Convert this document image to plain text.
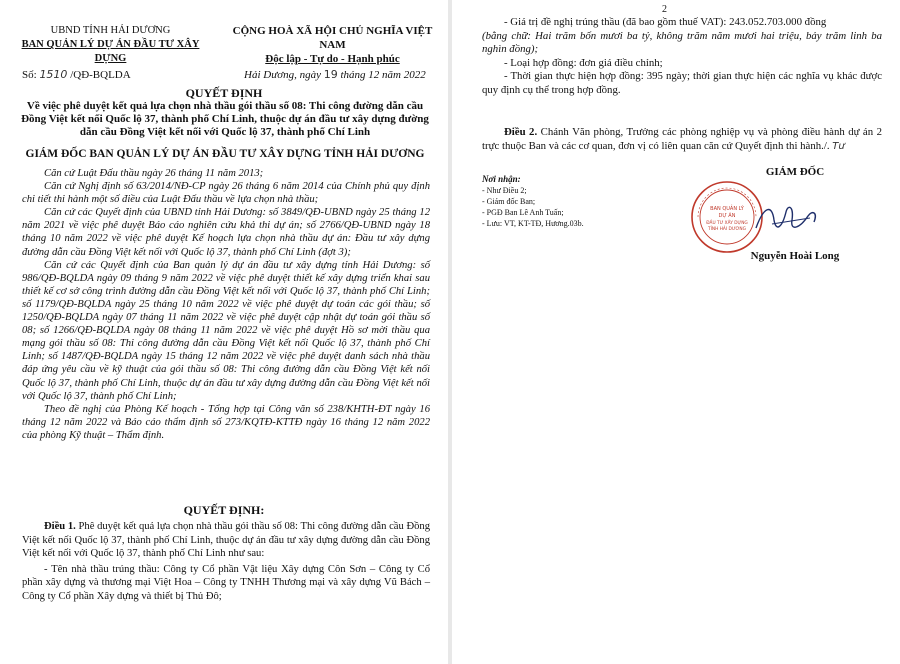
UBND TỈNH HẢI DƯƠNG
BAN QUẢN LÝ DỰ ÁN ĐẦU TƯ XÂY DỰNG
CỘNG HOÀ XÃ HỘI CHỦ NGHĨA VIỆT NAM
Độc lập - Tự do - Hạnh phúc
Số: 1510 /QĐ-BQLDA	Hải Dương, ngày 19 tháng 12 năm 2022
QUYẾT ĐỊNH
Về việc phê duyệt kết quả lựa chọn nhà thầu gói thầu số 08: Thi công đường dẫn cầu Đồng Việt kết nối Quốc lộ 37, thành phố Chí Linh, thuộc dự án đầu tư xây dựng đường dẫn cầu Đồng Việt kết nối với Quốc lộ 37, thành phố Chí Linh
GIÁM ĐỐC BAN QUẢN LÝ DỰ ÁN ĐẦU TƯ XÂY DỰNG TỈNH HẢI DƯƠNG

Căn cứ Luật Đấu thầu ngày 26 tháng 11 năm 2013;

Căn cứ Nghị định số 63/2014/NĐ-CP ngày 26 tháng 6 năm 2014 của Chính phủ quy định chi tiết thi hành một số điều của Luật Đấu thầu về lựa chọn nhà thầu;

Căn cứ các Quyết định của UBND tỉnh Hải Dương: số 3849/QĐ-UBND ngày 25 tháng 12 năm 2021 về việc phê duyệt Báo cáo nghiên cứu khả thi dự án; số 2766/QĐ-UBND ngày 18 tháng 10 năm 2022 về việc phê duyệt Kế hoạch lựa chọn nhà thầu dự án: Đầu tư xây dựng đường dẫn cầu Đồng Việt kết nối với Quốc lộ 37, thành phố Chí Linh (đợt 3);

Căn cứ các Quyết định của Ban quản lý dự án đầu tư xây dựng tỉnh Hải Dương: số 986/QĐ-BQLDA ngày 09 tháng 9 năm 2022 về việc phê duyệt thiết kế xây dựng triển khai sau thiết kế cơ sở công trình đường dẫn cầu Đồng Việt kết nối với Quốc lộ 37, thành phố Chí Linh; số 1179/QĐ-BQLDA ngày 25 tháng 10 năm 2022 về việc phê duyệt dự toán các gói thầu; số 1250/QĐ-BQLDA ngày 07 tháng 11 năm 2022 về việc phê duyệt cập nhật dự toán gói thầu số 08; số 1266/QĐ-BQLDA ngày 08 tháng 11 năm 2022 về việc phê duyệt Hồ sơ mời thầu qua mạng gói thầu số 08: Thi công đường dẫn cầu Đồng Việt kết nối Quốc lộ 37, thành phố Chí Linh; số 1487/QĐ-BQLDA ngày 15 tháng 12 năm 2022 về việc phê duyệt danh sách nhà thầu đáp ứng yêu cầu về kỹ thuật của gói thầu số 08: Thi công đường dẫn cầu Đồng Việt kết nối Quốc lộ 37, thành phố Chí Linh, thuộc dự án đầu tư xây dựng đường dẫn cầu Đồng Việt kết nối với Quốc lộ 37, thành phố Chí Linh;

Theo đề nghị của Phòng Kế hoạch - Tổng hợp tại Công văn số 238/KHTH-ĐT ngày 16 tháng 12 năm 2022 và Báo cáo thẩm định số 273/KQTĐ-KTTĐ ngày 16 tháng 12 năm 2022 của phòng Kỹ thuật – Thẩm định.

QUYẾT ĐỊNH:

Điều 1. Phê duyệt kết quả lựa chọn nhà thầu gói thầu số 08: Thi công đường dẫn cầu Đồng Việt kết nối Quốc lộ 37, thành phố Chí Linh, thuộc dự án đầu tư xây dựng đường dẫn cầu Đồng Việt kết nối với Quốc lộ 37, thành phố Chí Linh như sau:

- Tên nhà thầu trúng thầu: Công ty Cổ phần Vật liệu Xây dựng Côn Sơn – Công ty Cổ phần xây dựng và thương mại Việt Hoa – Công ty TNHH Thương mại và xây dựng Vũ Bách – Công ty Cổ phần Xây dựng và thiết bị Thủ Đô;

2

- Giá trị đề nghị trúng thầu (đã bao gồm thuế VAT): 243.052.703.000 đồng

(bằng chữ: Hai trăm bốn mươi ba tỷ, không trăm năm mươi hai triệu, bảy trăm linh ba nghìn đồng);

- Loại hợp đồng: đơn giá điều chỉnh;

- Thời gian thực hiện hợp đồng: 395 ngày; thời gian thực hiện các nghĩa vụ khác được quy định cụ thể trong hợp đồng.

Điều 2. Chánh Văn phòng, Trưởng các phòng nghiệp vụ và phòng điều hành dự án 2 trực thuộc Ban và các cơ quan, đơn vị có liên quan căn cứ Quyết định thi hành./. Tư

Nơi nhận:
- Như Điều 2;
- Giám đốc Ban;
- PGĐ Ban Lê Anh Tuấn;
- Lưu: VT, KT-TĐ, Hương.03b.
GIÁM ĐỐC
BAN QUẢN LÝ
DỰ ÁN
ĐẦU TƯ XÂY DỰNG
TỈNH HẢI DƯƠNG
Nguyễn Hoài Long
